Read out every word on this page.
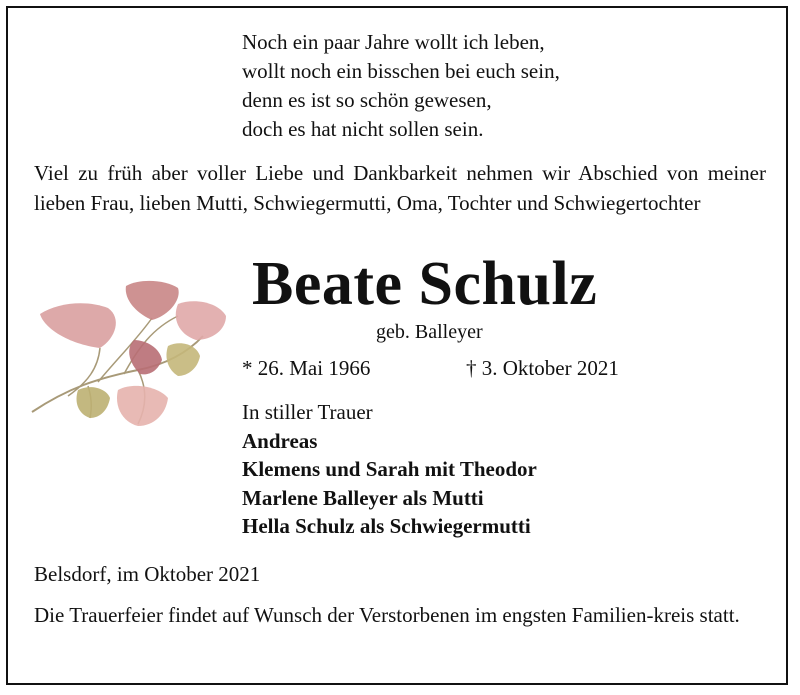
Noch ein paar Jahre wollt ich leben,
wollt noch ein bisschen bei euch sein,
denn es ist so schön gewesen,
doch es hat nicht sollen sein.
Viel zu früh aber voller Liebe und Dankbarkeit nehmen wir Abschied von meiner lieben Frau, lieben Mutti, Schwiegermutti, Oma, Tochter und Schwiegertochter
Beate Schulz
geb. Balleyer
* 26. Mai 1966	† 3. Oktober 2021
In stiller Trauer
Andreas
Klemens und Sarah mit Theodor
Marlene Balleyer als Mutti
Hella Schulz als Schwiegermutti
Belsdorf, im Oktober 2021
Die Trauerfeier findet auf Wunsch der Verstorbenen im engsten Familien-kreis statt.
